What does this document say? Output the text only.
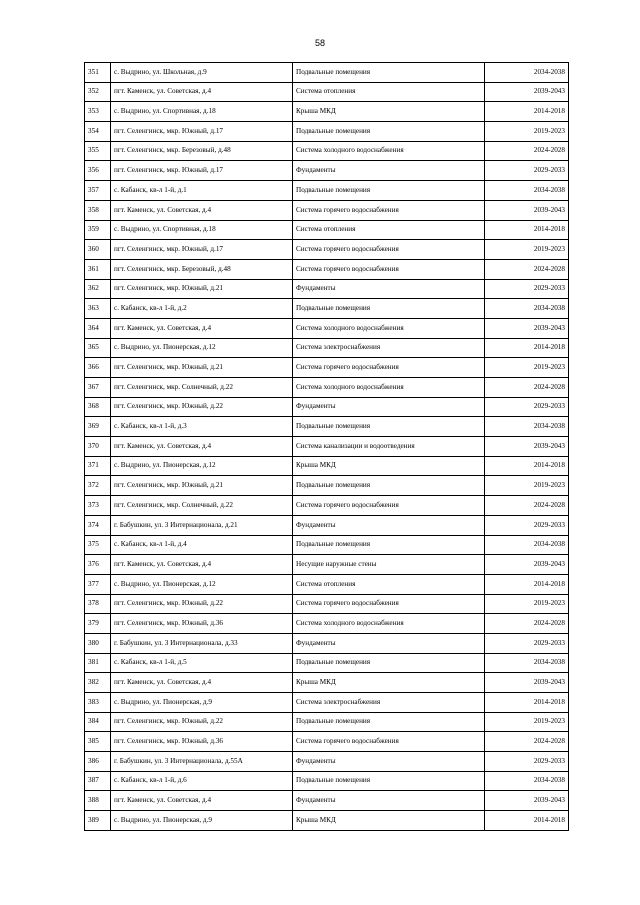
58
351	с. Выдрино, ул. Школьная, д.9	Подвальные помещения	2034-2038
352	пгт. Каменск, ул. Советская, д.4	Система отопления	2039-2043
353	с. Выдрино, ул. Спортивная, д.18	Крыша МКД	2014-2018
354	пгт. Селенгинск, мкр. Южный, д.17	Подвальные помещения	2019-2023
355	пгт. Селенгинск, мкр. Березовый, д.48	Система холодного водоснабжения	2024-2028
356	пгт. Селенгинск, мкр. Южный, д.17	Фундаменты	2029-2033
357	с. Кабанск, кв-л 1-й, д.1	Подвальные помещения	2034-2038
358	пгт. Каменск, ул. Советская, д.4	Система горячего водоснабжения	2039-2043
359	с. Выдрино, ул. Спортивная, д.18	Система отопления	2014-2018
360	пгт. Селенгинск, мкр. Южный, д.17	Система горячего водоснабжения	2019-2023
361	пгт. Селенгинск, мкр. Березовый, д.48	Система горячего водоснабжения	2024-2028
362	пгт. Селенгинск, мкр. Южный, д.21	Фундаменты	2029-2033
363	с. Кабанск, кв-л 1-й, д.2	Подвальные помещения	2034-2038
364	пгт. Каменск, ул. Советская, д.4	Система холодного водоснабжения	2039-2043
365	с. Выдрино, ул. Пионерская, д.12	Система электроснабжения	2014-2018
366	пгт. Селенгинск, мкр. Южный, д.21	Система горячего водоснабжения	2019-2023
367	пгт. Селенгинск, мкр. Солнечный, д.22	Система холодного водоснабжения	2024-2028
368	пгт. Селенгинск, мкр. Южный, д.22	Фундаменты	2029-2033
369	с. Кабанск, кв-л 1-й, д.3	Подвальные помещения	2034-2038
370	пгт. Каменск, ул. Советская, д.4	Система канализации и водоотведения	2039-2043
371	с. Выдрино, ул. Пионерская, д.12	Крыша МКД	2014-2018
372	пгт. Селенгинск, мкр. Южный, д.21	Подвальные помещения	2019-2023
373	пгт. Селенгинск, мкр. Солнечный, д.22	Система горячего водоснабжения	2024-2028
374	г. Бабушкин, ул. 3 Интернационала, д.21	Фундаменты	2029-2033
375	с. Кабанск, кв-л 1-й, д.4	Подвальные помещения	2034-2038
376	пгт. Каменск, ул. Советская, д.4	Несущие наружные стены	2039-2043
377	с. Выдрино, ул. Пионерская, д.12	Система отопления	2014-2018
378	пгт. Селенгинск, мкр. Южный, д.22	Система горячего водоснабжения	2019-2023
379	пгт. Селенгинск, мкр. Южный, д.36	Система холодного водоснабжения	2024-2028
380	г. Бабушкин, ул. 3 Интернационала, д.33	Фундаменты	2029-2033
381	с. Кабанск, кв-л 1-й, д.5	Подвальные помещения	2034-2038
382	пгт. Каменск, ул. Советская, д.4	Крыша МКД	2039-2043
383	с. Выдрино, ул. Пионерская, д.9	Система электроснабжения	2014-2018
384	пгт. Селенгинск, мкр. Южный, д.22	Подвальные помещения	2019-2023
385	пгт. Селенгинск, мкр. Южный, д.36	Система горячего водоснабжения	2024-2028
386	г. Бабушкин, ул. 3 Интернационала, д.55А	Фундаменты	2029-2033
387	с. Кабанск, кв-л 1-й, д.6	Подвальные помещения	2034-2038
388	пгт. Каменск, ул. Советская, д.4	Фундаменты	2039-2043
389	с. Выдрино, ул. Пионерская, д.9	Крыша МКД	2014-2018
